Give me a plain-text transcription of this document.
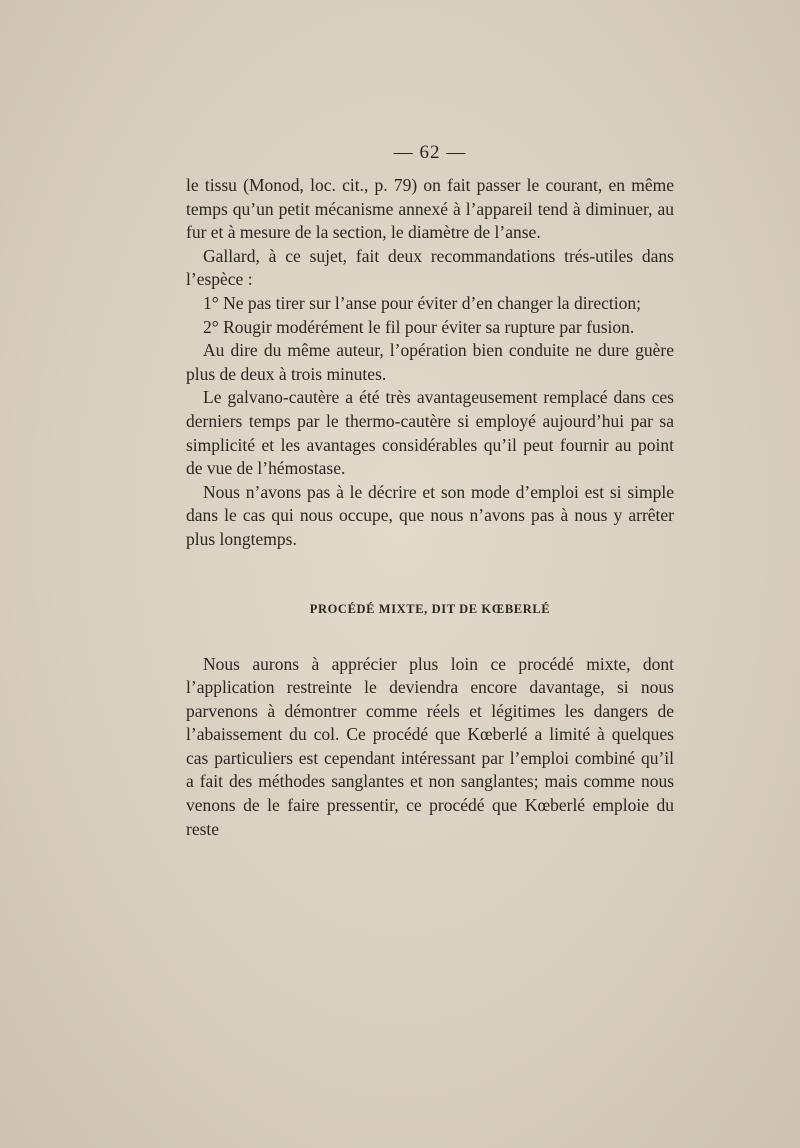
— 62 —

le tissu (Monod, loc. cit., p. 79) on fait passer le courant, en même temps qu’un petit mécanisme annexé à l’appareil tend à diminuer, au fur et à mesure de la section, le diamètre de l’anse.

Gallard, à ce sujet, fait deux recommandations trés-utiles dans l’espèce :

1° Ne pas tirer sur l’anse pour éviter d’en changer la direction;

2° Rougir modérément le fil pour éviter sa rupture par fusion.

Au dire du même auteur, l’opération bien conduite ne dure guère plus de deux à trois minutes.

Le galvano-cautère a été très avantageusement remplacé dans ces derniers temps par le thermo-cautère si employé aujourd’hui par sa simplicité et les avantages considérables qu’il peut fournir au point de vue de l’hémostase.

Nous n’avons pas à le décrire et son mode d’emploi est si simple dans le cas qui nous occupe, que nous n’avons pas à nous y arrêter plus longtemps.

PROCÉDÉ MIXTE, DIT DE KŒBERLÉ

Nous aurons à apprécier plus loin ce procédé mixte, dont l’application restreinte le deviendra encore davantage, si nous parvenons à démontrer comme réels et légitimes les dangers de l’abaissement du col. Ce procédé que Kœberlé a limité à quelques cas particuliers est cependant intéressant par l’emploi combiné qu’il a fait des méthodes sanglantes et non sanglantes; mais comme nous venons de le faire pressentir, ce procédé que Kœberlé emploie du reste
